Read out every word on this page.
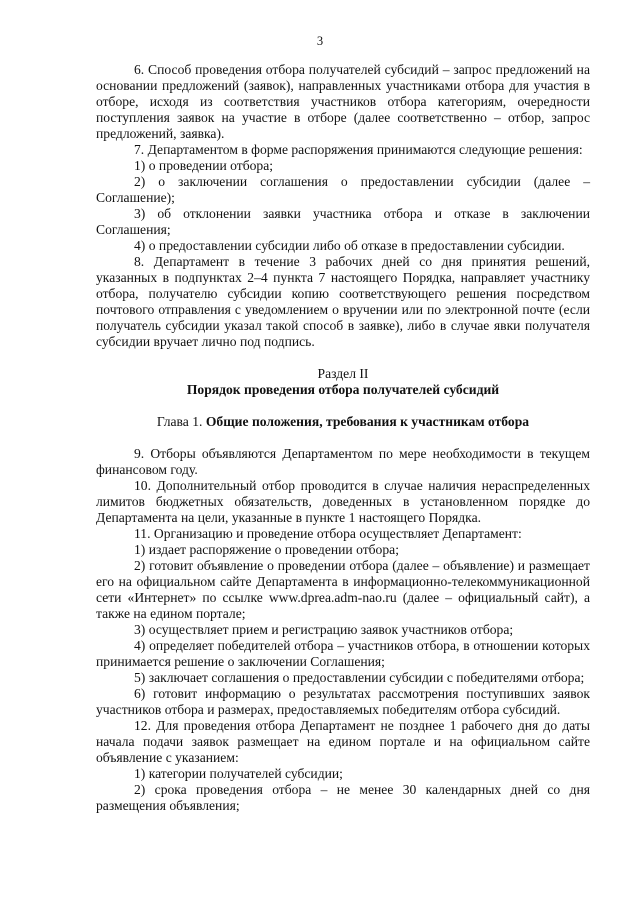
3

6. Способ проведения отбора получателей субсидий – запрос предложений на основании предложений (заявок), направленных участниками отбора для участия в отборе, исходя из соответствия участников отбора категориям, очередности поступления заявок на участие в отборе (далее соответственно – отбор, запрос предложений, заявка).

7. Департаментом в форме распоряжения принимаются следующие решения:

1) о проведении отбора;

2) о заключении соглашения о предоставлении субсидии (далее – Соглашение);

3) об отклонении заявки участника отбора и отказе в заключении Соглашения;

4) о предоставлении субсидии либо об отказе в предоставлении субсидии.

8. Департамент в течение 3 рабочих дней со дня принятия решений, указанных в подпунктах 2–4 пункта 7 настоящего Порядка, направляет участнику отбора, получателю субсидии копию соответствующего решения посредством почтового отправления с уведомлением о вручении или по электронной почте (если получатель субсидии указал такой способ в заявке), либо в случае явки получателя субсидии вручает лично под подпись.

Раздел II

Порядок проведения отбора получателей субсидий

Глава 1. Общие положения, требования к участникам отбора

9. Отборы объявляются Департаментом по мере необходимости в текущем финансовом году.

10. Дополнительный отбор проводится в случае наличия нераспределенных лимитов бюджетных обязательств, доведенных в установленном порядке до Департамента на цели, указанные в пункте 1 настоящего Порядка.

11. Организацию и проведение отбора осуществляет Департамент:

1) издает распоряжение о проведении отбора;

2) готовит объявление о проведении отбора (далее – объявление) и размещает его на официальном сайте Департамента в информационно-телекоммуникационной сети «Интернет» по ссылке www.dprea.adm-nao.ru (далее – официальный сайт), а также на едином портале;

3) осуществляет прием и регистрацию заявок участников отбора;

4) определяет победителей отбора – участников отбора, в отношении которых принимается решение о заключении Соглашения;

5) заключает соглашения о предоставлении субсидии с победителями отбора;

6) готовит информацию о результатах рассмотрения поступивших заявок участников отбора и размерах, предоставляемых победителям отбора субсидий.

12. Для проведения отбора Департамент не позднее 1 рабочего дня до даты начала подачи заявок размещает на едином портале и на официальном сайте объявление с указанием:

1) категории получателей субсидии;

2) срока проведения отбора – не менее 30 календарных дней со дня размещения объявления;
